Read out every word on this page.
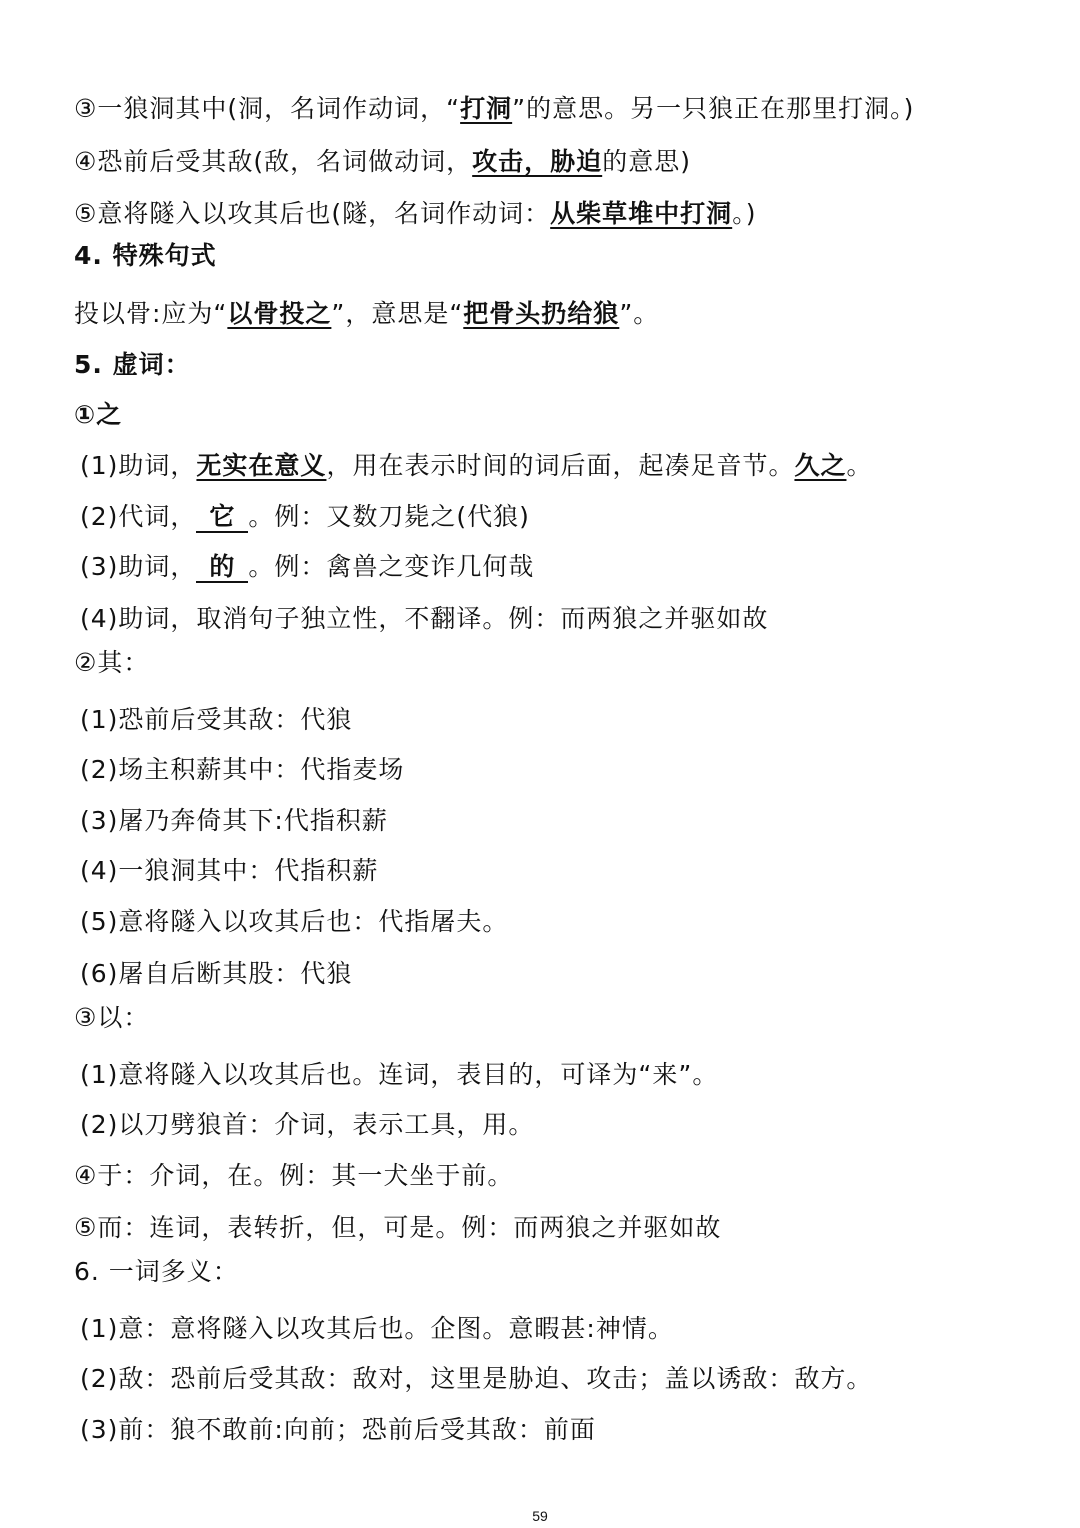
③一狼洞其中(洞，名词作动词，“打洞”的意思。另一只狼正在那里打洞。)
④恐前后受其敌(敌，名词做动词，攻击，胁迫的意思)
⑤意将隧入以攻其后也(隧，名词作动词：从柴草堆中打洞。)
4. 特殊句式
投以骨:应为“以骨投之”，意思是“把骨头扔给狼”。
5. 虚词：
①之
(1)助词，无实在意义，用在表示时间的词后面，起凑足音节。久之。
(2)代词， 它 。例：又数刀毙之(代狼)
(3)助词， 的 。例：禽兽之变诈几何哉
(4)助词，取消句子独立性，不翻译。例：而两狼之并驱如故
②其：
(1)恐前后受其敌：代狼
(2)场主积薪其中：代指麦场
(3)屠乃奔倚其下:代指积薪
(4)一狼洞其中：代指积薪
(5)意将隧入以攻其后也：代指屠夫。
(6)屠自后断其股：代狼
③以：
(1)意将隧入以攻其后也。连词，表目的，可译为“来”。
(2)以刀劈狼首：介词，表示工具，用。
④于：介词，在。例：其一犬坐于前。
⑤而：连词，表转折，但，可是。例：而两狼之并驱如故
6. 一词多义：
(1)意：意将隧入以攻其后也。企图。意暇甚:神情。
(2)敌：恐前后受其敌：敌对，这里是胁迫、攻击；盖以诱敌：敌方。
(3)前：狼不敢前:向前；恐前后受其敌：前面
59
